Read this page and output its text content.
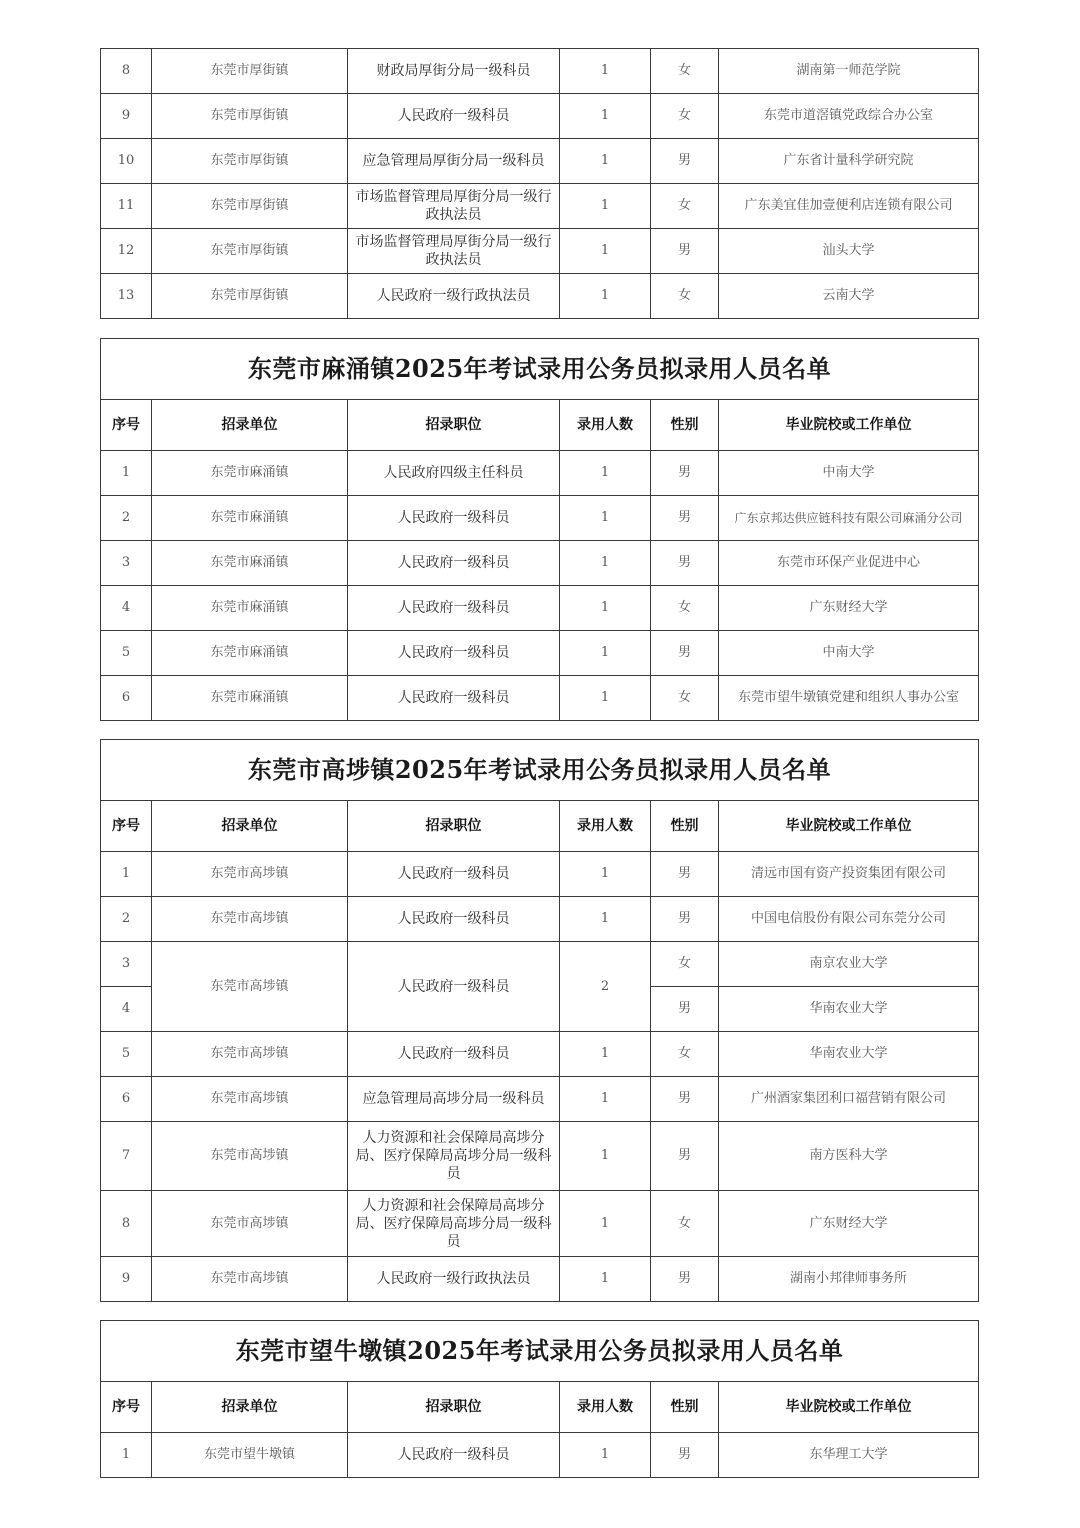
8	东莞市厚街镇	财政局厚街分局一级科员	1	女	湖南第一师范学院
9	东莞市厚街镇	人民政府一级科员	1	女	东莞市道滘镇党政综合办公室
10	东莞市厚街镇	应急管理局厚街分局一级科员	1	男	广东省计量科学研究院
11	东莞市厚街镇	市场监督管理局厚街分局一级行政执法员	1	女	广东美宜佳加壹便利店连锁有限公司
12	东莞市厚街镇	市场监督管理局厚街分局一级行政执法员	1	男	汕头大学
13	东莞市厚街镇	人民政府一级行政执法员	1	女	云南大学
东莞市麻涌镇2025年考试录用公务员拟录用人员名单					
序号	招录单位	招录职位	录用人数	性别	毕业院校或工作单位
1	东莞市麻涌镇	人民政府四级主任科员	1	男	中南大学
2	东莞市麻涌镇	人民政府一级科员	1	男	广东京邦达供应链科技有限公司麻涌分公司
3	东莞市麻涌镇	人民政府一级科员	1	男	东莞市环保产业促进中心
4	东莞市麻涌镇	人民政府一级科员	1	女	广东财经大学
5	东莞市麻涌镇	人民政府一级科员	1	男	中南大学
6	东莞市麻涌镇	人民政府一级科员	1	女	东莞市望牛墩镇党建和组织人事办公室
东莞市高埗镇2025年考试录用公务员拟录用人员名单					
序号	招录单位	招录职位	录用人数	性别	毕业院校或工作单位
1	东莞市高埗镇	人民政府一级科员	1	男	清远市国有资产投资集团有限公司
2	东莞市高埗镇	人民政府一级科员	1	男	中国电信股份有限公司东莞分公司
3	东莞市高埗镇	人民政府一级科员	2	女	南京农业大学
4				男	华南农业大学
5	东莞市高埗镇	人民政府一级科员	1	女	华南农业大学
6	东莞市高埗镇	应急管理局高埗分局一级科员	1	男	广州酒家集团利口福营销有限公司
7	东莞市高埗镇	人力资源和社会保障局高埗分局、医疗保障局高埗分局一级科员	1	男	南方医科大学
8	东莞市高埗镇	人力资源和社会保障局高埗分局、医疗保障局高埗分局一级科员	1	女	广东财经大学
9	东莞市高埗镇	人民政府一级行政执法员	1	男	湖南小邦律师事务所
东莞市望牛墩镇2025年考试录用公务员拟录用人员名单					
序号	招录单位	招录职位	录用人数	性别	毕业院校或工作单位
1	东莞市望牛墩镇	人民政府一级科员	1	男	东华理工大学
